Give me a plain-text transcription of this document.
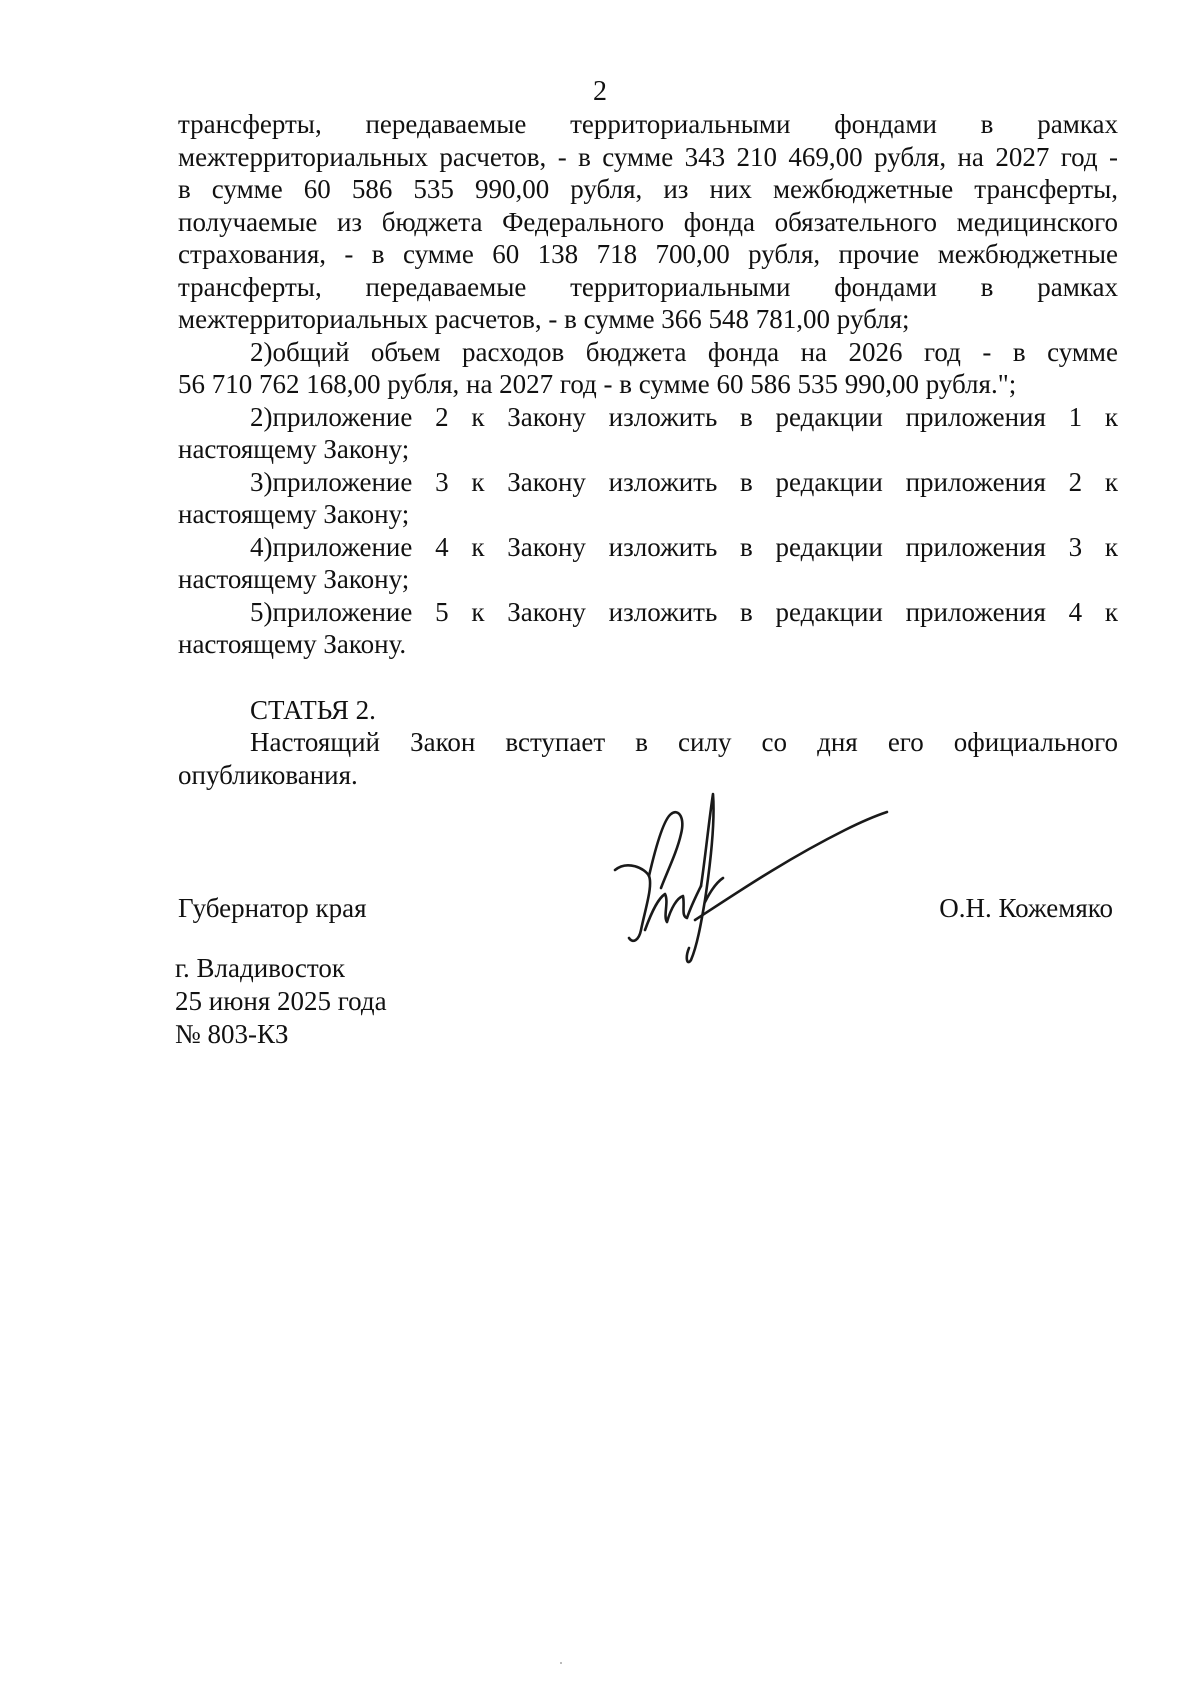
2
трансферты, передаваемые территориальными фондами в рамках
межтерриториальных расчетов, - в сумме 343 210 469,00 рубля, на 2027 год -
в сумме 60 586 535 990,00 рубля, из них межбюджетные трансферты,
получаемые из бюджета Федерального фонда обязательного медицинского
страхования, - в сумме 60 138 718 700,00 рубля, прочие межбюджетные
трансферты, передаваемые территориальными фондами в рамках
межтерриториальных расчетов, - в сумме 366 548 781,00 рубля;
2)общий объем расходов бюджета фонда на 2026 год - в сумме
56 710 762 168,00 рубля, на 2027 год - в сумме 60 586 535 990,00 рубля.";
2)приложение 2 к Закону изложить в редакции приложения 1 к
настоящему Закону;
3)приложение 3 к Закону изложить в редакции приложения 2 к
настоящему Закону;
4)приложение 4 к Закону изложить в редакции приложения 3 к
настоящему Закону;
5)приложение 5 к Закону изложить в редакции приложения 4 к
настоящему Закону.
СТАТЬЯ 2.
Настоящий Закон вступает в силу со дня его официального
опубликования.
Губернатор края	О.Н. Кожемяко
г. Владивосток
25 июня 2025 года
№ 803-КЗ
